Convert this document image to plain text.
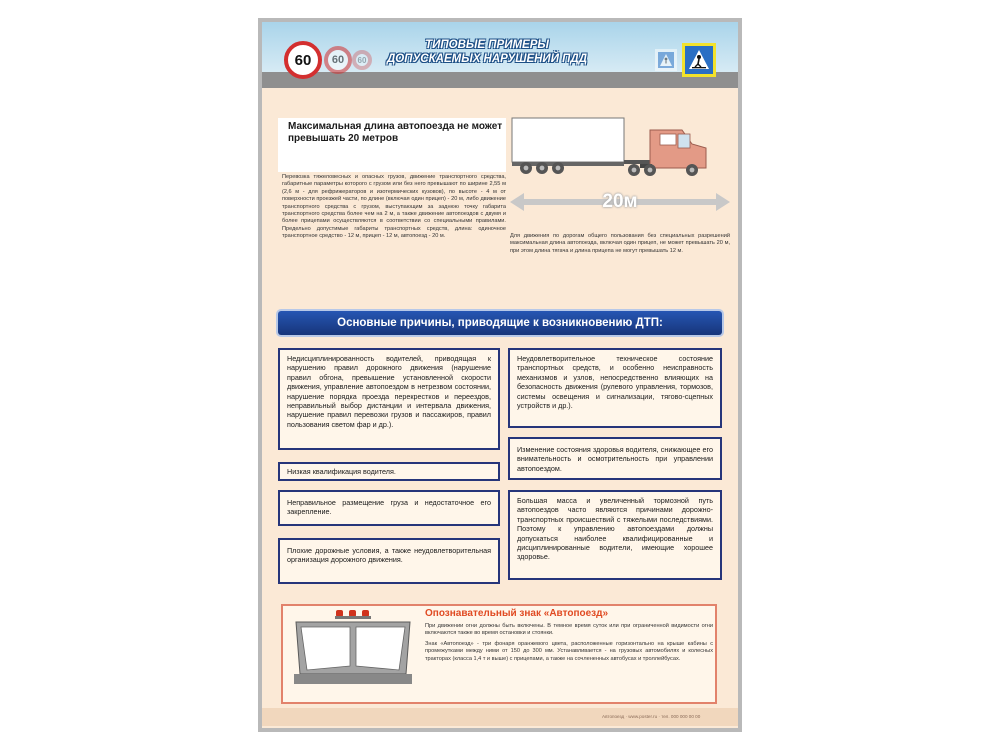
60 60 60
ТИПОВЫЕ ПРИМЕРЫ
ДОПУСКАЕМЫХ НАРУШЕНИЙ ПДД
Максимальная длина автопоезда не может превышать 20 метров
Перевозка тяжеловесных и опасных грузов, движение транспортного средства, габаритные параметры которого с грузом или без него превышают по ширине 2,55 м (2,6 м - для рефрижераторов и изотермических кузовов), по высоте - 4 м от поверхности проезжей части, по длине (включая один прицеп) - 20 м, либо движение транспортного средства с грузом, выступающим за заднюю точку габарита транспортного средства более чем на 2 м, а также движение автопоездов с двумя и более прицепами осуществляются в соответствии со специальными правилами. Предельно допустимые габариты транспортных средств, длина: одиночное транспортное средство - 12 м, прицеп - 12 м, автопоезд - 20 м.
20м
Для движения по дорогам общего пользования без специальных разрешений максимальная длина автопоезда, включая один прицеп, не может превышать 20 м, при этом длина тягача и длина прицепа не могут превышать 12 м.
Основные причины, приводящие к возникновению ДТП:
Недисциплинированность водителей, приводящая к нарушению правил дорожного движения (нарушение правил обгона, превышение установленной скорости движения, управление автопоездом в нетрезвом состоянии, нарушение порядка проезда перекрестков и переездов, неправильный выбор дистанции и интервала движения, нарушение правил перевозки грузов и пассажиров, правил пользования светом фар и др.).
Низкая квалификация водителя.
Неправильное размещение груза и недостаточное его закрепление.
Плохие дорожные условия, а также неудовлетворительная организация дорожного движения.
Неудовлетворительное техническое состояние транспортных средств, и особенно неисправность механизмов и узлов, непосредственно влияющих на безопасность движения (рулевого управления, тормозов, системы освещения и сигнализации, тягово-сцепных устройств и др.).
Изменение состояния здоровья водителя, снижающее его внимательность и осмотрительность при управлении автопоездом.
Большая масса и увеличенный тормозной путь автопоездов часто являются причинами дорожно-транспортных происшествий с тяжелыми последствиями. Поэтому к управлению автопоездами должны допускаться наиболее квалифицированные и дисциплинированные водители, имеющие хорошее здоровье.
Опознавательный знак «Автопоезд»
При движении огни должны быть включены. В темное время суток или при ограниченной видимости огни включаются также во время остановки и стоянки.
Знак «Автопоезд» - три фонаря оранжевого цвета, расположенные горизонтально на крыше кабины с промежутками между ними от 150 до 300 мм. Устанавливается - на грузовых автомобилях и колесных тракторах (класса 1,4 т и выше) с прицепами, а также на сочлененных автобусах и троллейбусах.
Автопоезд · www.poster.ru · тел. 000 000 00 00
